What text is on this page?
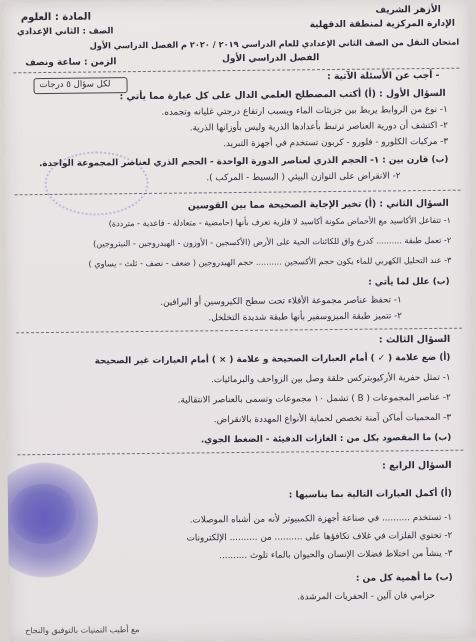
الأزهر الشريف
الإدارة المركزية لمنطقة الدقهلية
المادة : العلوم
الصف : الثاني الإعدادي
امتحان النقل من الصف الثاني الإعدادي للعام الدراسي ٢٠١٩ / ٢٠٢٠ م الفصل الدراسي الأول
الفصل الدراسي الأول
الزمن : ساعة ونصف
لكل سؤال ٥ درجات
- أجب عن الأسئلة الآتية :
السؤال الأول : (أ) أكتب المصطلح العلمي الدال على كل عبارة مما يأتي :
١- نوع من الروابط يربط بين جزيئات الماء ويسبب ارتفاع درجتي غليانه وتجمده.
٢- اكتشف أن دورية العناصر ترتبط بأعدادها الذرية وليس بأوزانها الذرية.
٣- مركبات الكلورو - فلورو - كربون تستخدم في أجهزة التبريد.
(ب) قارن بين : ١- الحجم الذري لعناصر الدورة الواحدة - الحجم الذري لعناصر المجموعة الواحدة.
٢- الانقراض على التوازن البيئي ( البسيط - المركب ).
السؤال الثاني : (أ) تخير الإجابة الصحيحة مما بين القوسين
١- تتفاعل الأكاسيد مع الأحماض مكونة أكاسيد لا فلزية تعرف بأنها (حامضية - متعادلة - قاعدية - مترددة)
٢- تعمل طبقة .......... كدرع واق للكائنات الحية على الأرض (الأكسجين - الأوزون - الهيدروجين - النيتروجين)
٣- عند التحليل الكهربي للماء يكون حجم الأكسجين .......... حجم الهيدروجين ( ضعف - نصف - ثلث - يساوي )
(ب) علل لما يأتي :
١- تحفظ عناصر مجموعة الأقلاء تحت سطح الكيروسين أو البرافين.
٢- تتميز طبقة الميزوسفير بأنها طبقة شديدة التخلخل.
السؤال الثالث :
(أ) ضع علامة ( ✓ ) أمام العبارات الصحيحة و علامة ( × ) أمام العبارات غير الصحيحة
١- تمثل حفرية الأركيوبتركس حلقة وصل بين الزواحف والبرمائيات.
٢- عناصر المجموعات ( B ) تشمل ١٠ مجموعات وتسمى بالعناصر الانتقالية.
٣- المحميات أماكن آمنة تخصص لحماية الأنواع المهددة بالانقراض.
(ب) ما المقصود بكل من : الغازات الدفيئة - الضغط الجوي.
السؤال الرابع :
(أ) أكمل العبارات التالية بما يناسبها :
١- تستخدم .......... في صناعة أجهزة الكمبيوتر لأنه من أشباه الموصلات.
٢- تحتوي الفلزات في غلاف تكافؤها على .......... من .......... الإلكترونات
٣- ينشأ من اختلاط فضلات الإنسان والحيوان بالماء تلوث ..........
(ب) ما أهمية كل من :
حزامي فان آلين - الحفريات المرشدة.
مع أطيب التمنيات بالتوفيق والنجاح
